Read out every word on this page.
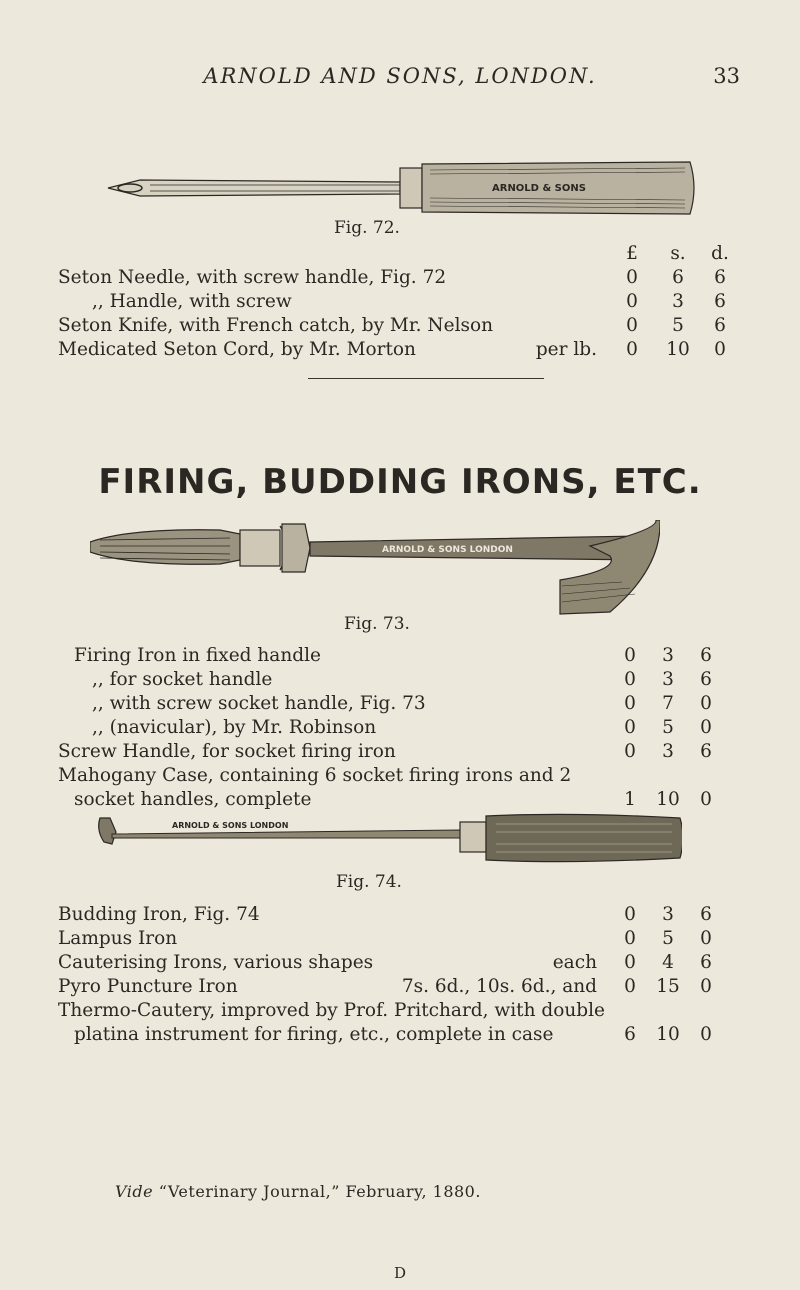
ARNOLD AND SONS, LONDON.	33
ARNOLD & SONS
Fig. 72.
£	s.	d.
Seton Needle, with screw handle, Fig. 72	0	6	6
,, Handle, with screw	0	3	6
Seton Knife, with French catch, by Mr. Nelson	0	5	6
Medicated Seton Cord, by Mr. Morton	per lb.	0	10	0
FIRING, BUDDING IRONS, ETC.
ARNOLD & SONS LONDON
Fig. 73.
Firing Iron in fixed handle	0	3	6
,, for socket handle	0	3	6
,, with screw socket handle, Fig. 73	0	7	0
,, (navicular), by Mr. Robinson	0	5	0
Screw Handle, for socket firing iron	0	3	6
Mahogany Case, containing 6 socket firing irons and 2
socket handles, complete	1	10	0
ARNOLD & SONS LONDON
Fig. 74.
Budding Iron, Fig. 74	0	3	6
Lampus Iron	0	5	0
Cauterising Irons, various shapes	each	0	4	6
Pyro Puncture Iron	7s. 6d., 10s. 6d., and	0	15	0
Thermo-Cautery, improved by Prof. Pritchard, with double
platina instrument for firing, etc., complete in case	6	10	0
Vide “Veterinary Journal,” February, 1880.
D
